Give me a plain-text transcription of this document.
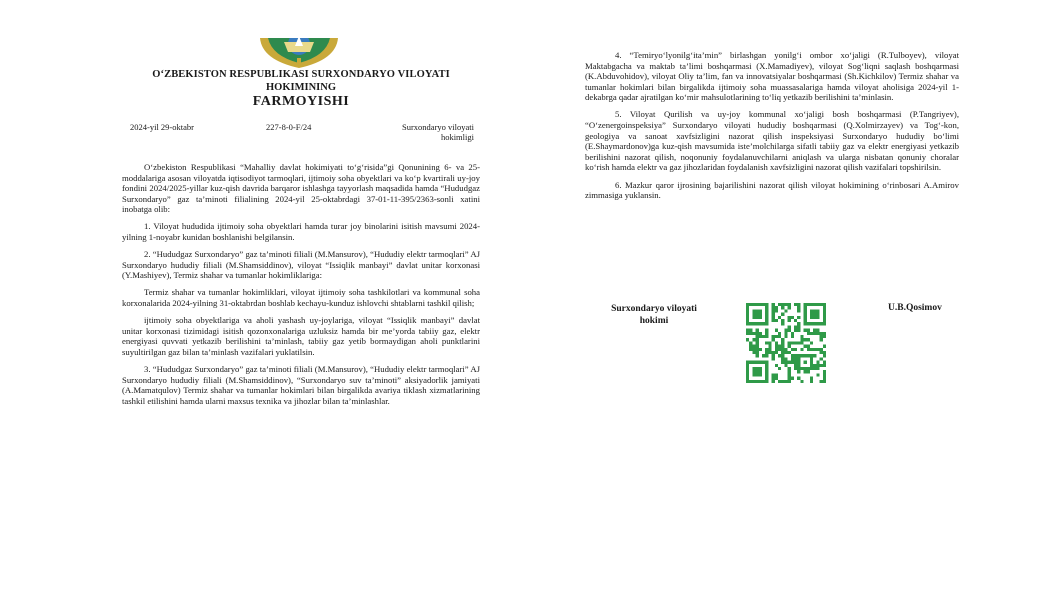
O‘ZBEKISTON RESPUBLIKASI SURXONDARYO VILOYATI
HOKIMINING
FARMOYISHI
2024-yil 29-oktabr	227-8-0-F/24	Surxondaryo viloyati
hokimligi

O‘zbekiston Respublikasi “Mahalliy davlat hokimiyati to‘g‘risida”gi Qonunining 6- va 25-moddalariga asosan viloyatda iqtisodiyot tarmoqlari, ijtimoiy soha obyektlari va ko‘p kvartirali uy-joy fondini 2024/2025-yillar kuz-qish davrida barqaror ishlashga tayyorlash maqsadida hamda “Hududgaz Surxondaryo” gaz ta’minoti filialining 2024-yil 25-oktabrdagi 37-01-11-395/2363-sonli xatini inobatga olib:

1. Viloyat hududida ijtimoiy soha obyektlari hamda turar joy binolarini isitish mavsumi 2024-yilning 1-noyabr kunidan boshlanishi belgilansin.

2. “Hududgaz Surxondaryo” gaz ta’minoti filiali (M.Mansurov), “Hududiy elektr tarmoqlari” AJ Surxondaryo hududiy filiali (M.Shamsiddinov), viloyat “Issiqlik manbayi” davlat unitar korxonasi (Y.Mashiyev), Termiz shahar va tumanlar hokimliklariga:

Termiz shahar va tumanlar hokimliklari, viloyat ijtimoiy soha tashkilotlari va kommunal soha korxonalarida 2024-yilning 31-oktabrdan boshlab kechayu-kunduz ishlovchi shtablarni tashkil qilish;

ijtimoiy soha obyektlariga va aholi yashash uy-joylariga, viloyat “Issiqlik manbayi” davlat unitar korxonasi tizimidagi isitish qozonxonalariga uzluksiz hamda bir me’yorda tabiiy gaz, elektr energiyasi quvvati yetkazib berilishini ta’minlash, tabiiy gaz yetib bormaydigan aholi punktlarini suyultirilgan gaz bilan ta’minlash vazifalari yuklatilsin.

3. “Hududgaz Surxondaryo” gaz ta’minoti filiali (M.Mansurov), “Hududiy elektr tarmoqlari” AJ Surxondaryo hududiy filiali (M.Shamsiddinov), “Surxondaryo suv ta’minoti” aksiyadorlik jamiyati (A.Mamatqulov) Termiz shahar va tumanlar hokimlari bilan birgalikda avariya tiklash xizmatlarining tashkil etilishini hamda ularni maxsus texnika va jihozlar bilan ta’minlashlar.

4. “Temiryo‘lyonilg‘ita’min” birlashgan yonilg‘i ombor xo‘jaligi (R.Tulboyev), viloyat Maktabgacha va maktab ta’limi boshqarmasi (X.Mamadiyev), viloyat Sog‘liqni saqlash boshqarmasi (K.Abduvohidov), viloyat Oliy ta’lim, fan va innovatsiyalar boshqarmasi (Sh.Kichkilov) Termiz shahar va tumanlar hokimlari bilan birgalikda ijtimoiy soha muassasalariga hamda viloyat aholisiga 2024-yil 1-dekabrga qadar ajratilgan ko‘mir mahsulotlarining to‘liq yetkazib berilishini ta’minlasin.

5. Viloyat Qurilish va uy-joy kommunal xo‘jaligi bosh boshqarmasi (P.Tangriyev), “O‘zenergoinspeksiya” Surxondaryo viloyati hududiy boshqarmasi (Q.Xolmirzayev) va Tog‘-kon, geologiya va sanoat xavfsizligini nazorat qilish inspeksiyasi Surxondaryo hududiy bo‘limi (E.Shaymardonov)ga kuz-qish mavsumida iste’molchilarga sifatli tabiiy gaz va elektr energiyasi yetkazib berilishini nazorat qilish, noqonuniy foydalanuvchilarni aniqlash va ularga nisbatan qonuniy choralar ko‘rish hamda elektr va gaz jihozlaridan foydalanish xavfsizligini nazorat qilish vazifalari topshirilsin.

6. Mazkur qaror ijrosining bajarilishini nazorat qilish viloyat hokimining o‘rinbosari A.Amirov zimmasiga yuklansin.

Surxondaryo viloyati
hokimi
U.B.Qosimov
